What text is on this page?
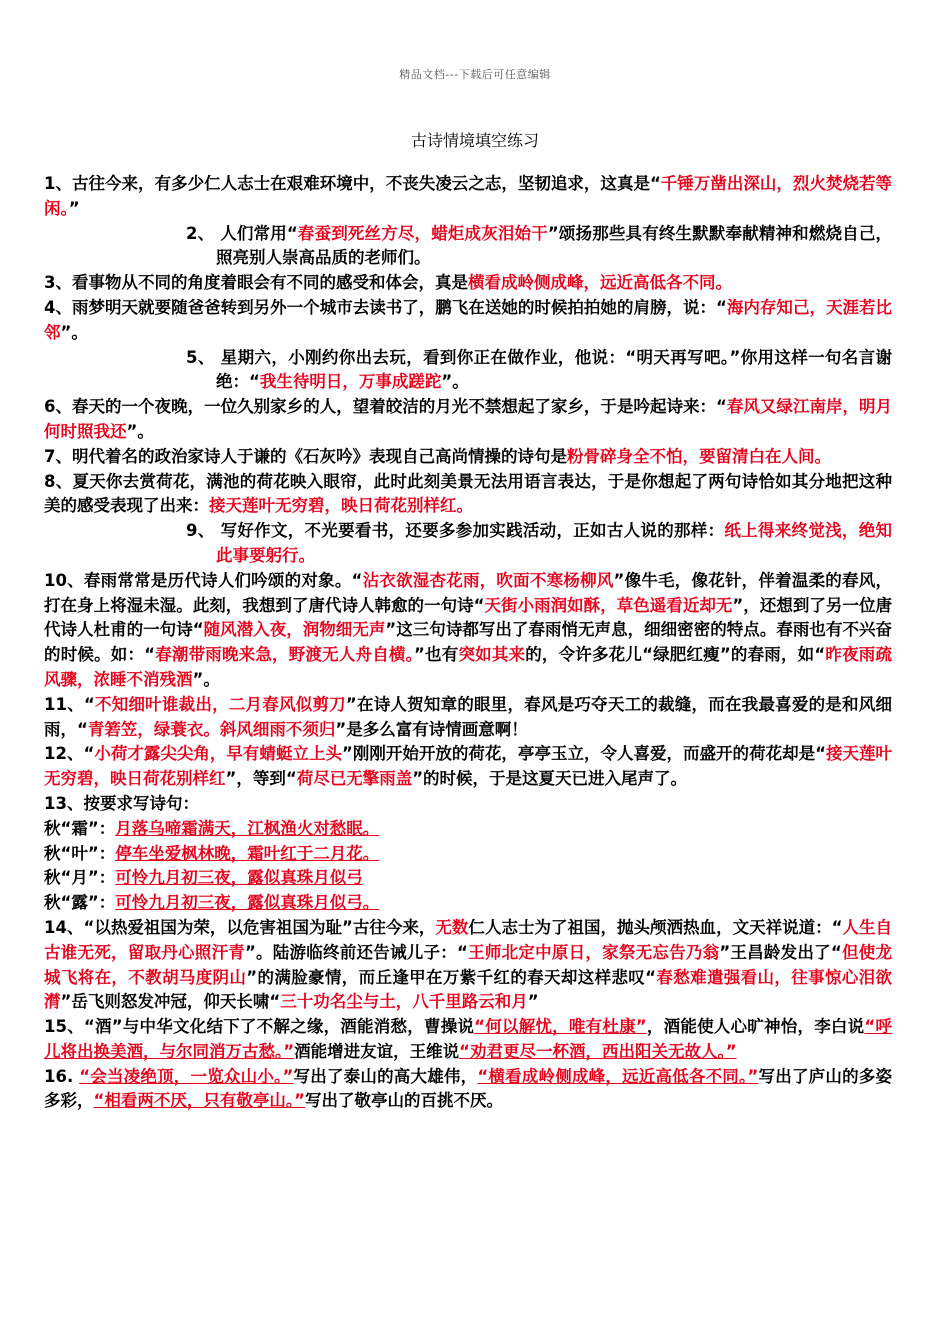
精品文档---下载后可任意编辑
古诗情境填空练习

1、古往今来，有多少仁人志士在艰难环境中，不丧失凌云之志，坚韧追求，这真是“千锤万凿出深山，烈火焚烧若等闲。”

2、 人们常用“春蚕到死丝方尽，蜡炬成灰泪始干”颂扬那些具有终生默默奉献精神和燃烧自己，照亮别人崇高品质的老师们。

3、看事物从不同的角度着眼会有不同的感受和体会，真是横看成岭侧成峰，远近高低各不同。

4、雨梦明天就要随爸爸转到另外一个城市去读书了，鹏飞在送她的时候拍拍她的肩膀，说：“海内存知己，天涯若比邻”。

5、 星期六，小刚约你出去玩，看到你正在做作业，他说：“明天再写吧。”你用这样一句名言谢绝：“我生待明日，万事成蹉跎”。

6、春天的一个夜晚，一位久别家乡的人，望着皎洁的月光不禁想起了家乡，于是吟起诗来：“春风又绿江南岸，明月何时照我还”。

7、明代着名的政治家诗人于谦的《石灰吟》表现自己高尚情操的诗句是粉骨碎身全不怕，要留清白在人间。

8、夏天你去赏荷花，满池的荷花映入眼帘，此时此刻美景无法用语言表达，于是你想起了两句诗恰如其分地把这种美的感受表现了出来：接天莲叶无穷碧，映日荷花别样红。

9、 写好作文，不光要看书，还要多参加实践活动，正如古人说的那样：纸上得来终觉浅，绝知此事要躬行。

10、春雨常常是历代诗人们吟颂的对象。“沾衣欲湿杏花雨，吹面不寒杨柳风”像牛毛，像花针，伴着温柔的春风，打在身上将湿未湿。此刻，我想到了唐代诗人韩愈的一句诗“天街小雨润如酥，草色遥看近却无”，还想到了另一位唐代诗人杜甫的一句诗“随风潜入夜，润物细无声”这三句诗都写出了春雨悄无声息，细细密密的特点。春雨也有不兴奋的时候。如：“春潮带雨晚来急，野渡无人舟自横。”也有突如其来的，令许多花儿“绿肥红瘦”的春雨，如“昨夜雨疏风骤，浓睡不消残酒”。

11、“不知细叶谁裁出，二月春风似剪刀”在诗人贺知章的眼里，春风是巧夺天工的裁缝，而在我最喜爱的是和风细雨，“青箬笠，绿蓑衣。斜风细雨不须归”是多么富有诗情画意啊！

12、“小荷才露尖尖角，早有蜻蜓立上头”刚刚开始开放的荷花，亭亭玉立，令人喜爱，而盛开的荷花却是“接天莲叶无穷碧，映日荷花别样红”，等到“荷尽已无擎雨盖”的时候，于是这夏天已进入尾声了。

13、按要求写诗句：

秋“霜”：月落乌啼霜满天，江枫渔火对愁眠。

秋“叶”：停车坐爱枫林晚，霜叶红于二月花。

秋“月”：可怜九月初三夜，露似真珠月似弓

秋“露”：可怜九月初三夜，露似真珠月似弓。

14、“以热爱祖国为荣，以危害祖国为耻”古往今来，无数仁人志士为了祖国，抛头颅洒热血，文天祥说道：“人生自古谁无死，留取丹心照汗青”。陆游临终前还告诫儿子：“王师北定中原日，家祭无忘告乃翁”王昌龄发出了“但使龙城飞将在，不教胡马度阴山”的满脸豪情，而丘逢甲在万紫千红的春天却这样悲叹“春愁难遣强看山，往事惊心泪欲潸”岳飞则怒发冲冠，仰天长啸“三十功名尘与土，八千里路云和月”

15、“酒”与中华文化结下了不解之缘，酒能消愁，曹操说“何以解忧，唯有杜康”，酒能使人心旷神怡，李白说“呼儿将出换美酒，与尔同消万古愁。”酒能增进友谊，王维说“劝君更尽一杯酒，西出阳关无故人。”

16. “会当凌绝顶，一览众山小。”写出了泰山的高大雄伟，“横看成岭侧成峰，远近高低各不同。”写出了庐山的多姿多彩，“相看两不厌，只有敬亭山。”写出了敬亭山的百挑不厌。
